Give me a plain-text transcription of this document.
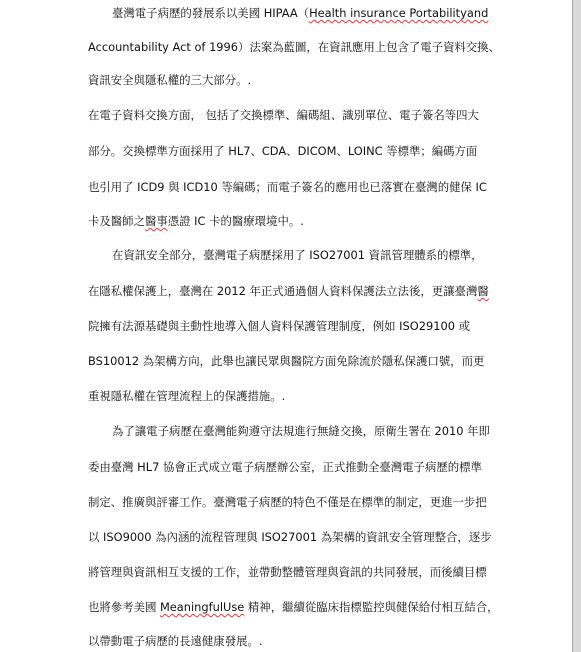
臺灣電子病歷的發展系以美國 HIPAA（Health insurance Portabilityand
Accountability Act of 1996）法案為藍圖，在資訊應用上包含了電子資料交換、
資訊安全與隱私權的三大部分。.
在電子資料交換方面， 包括了交換標準、編碼組、識別單位、電子簽名等四大
部分。交換標準方面採用了 HL7、CDA、DICOM、LOINC 等標準；編碼方面
也引用了 ICD9 與 ICD10 等編碼；而電子簽名的應用也已落實在臺灣的健保 IC
卡及醫師之醫事憑證 IC 卡的醫療環境中。.
在資訊安全部分，臺灣電子病歷採用了 ISO27001 資訊管理體系的標準，
在隱私權保護上，臺灣在 2012 年正式通過個人資料保護法立法後，更讓臺灣醫
院擁有法源基礎與主動性地導入個人資料保護管理制度，例如 ISO29100 或
BS10012 為架構方向，此舉也讓民眾與醫院方面免除流於隱私保護口號，而更
重視隱私權在管理流程上的保護措施。.
為了讓電子病歷在臺灣能夠遵守法規進行無縫交換，原衛生署在 2010 年即
委由臺灣 HL7 協會正式成立電子病歷辦公室，正式推動全臺灣電子病歷的標準
制定、推廣與評審工作。臺灣電子病歷的特色不僅是在標準的制定，更進一步把
以 ISO9000 為內涵的流程管理與 ISO27001 為架構的資訊安全管理整合，逐步
將管理與資訊相互支援的工作，並帶動整體管理與資訊的共同發展，而後續目標
也將參考美國 MeaningfulUse 精神，繼續從臨床指標監控與健保給付相互結合，
以帶動電子病歷的長遠健康發展。.
